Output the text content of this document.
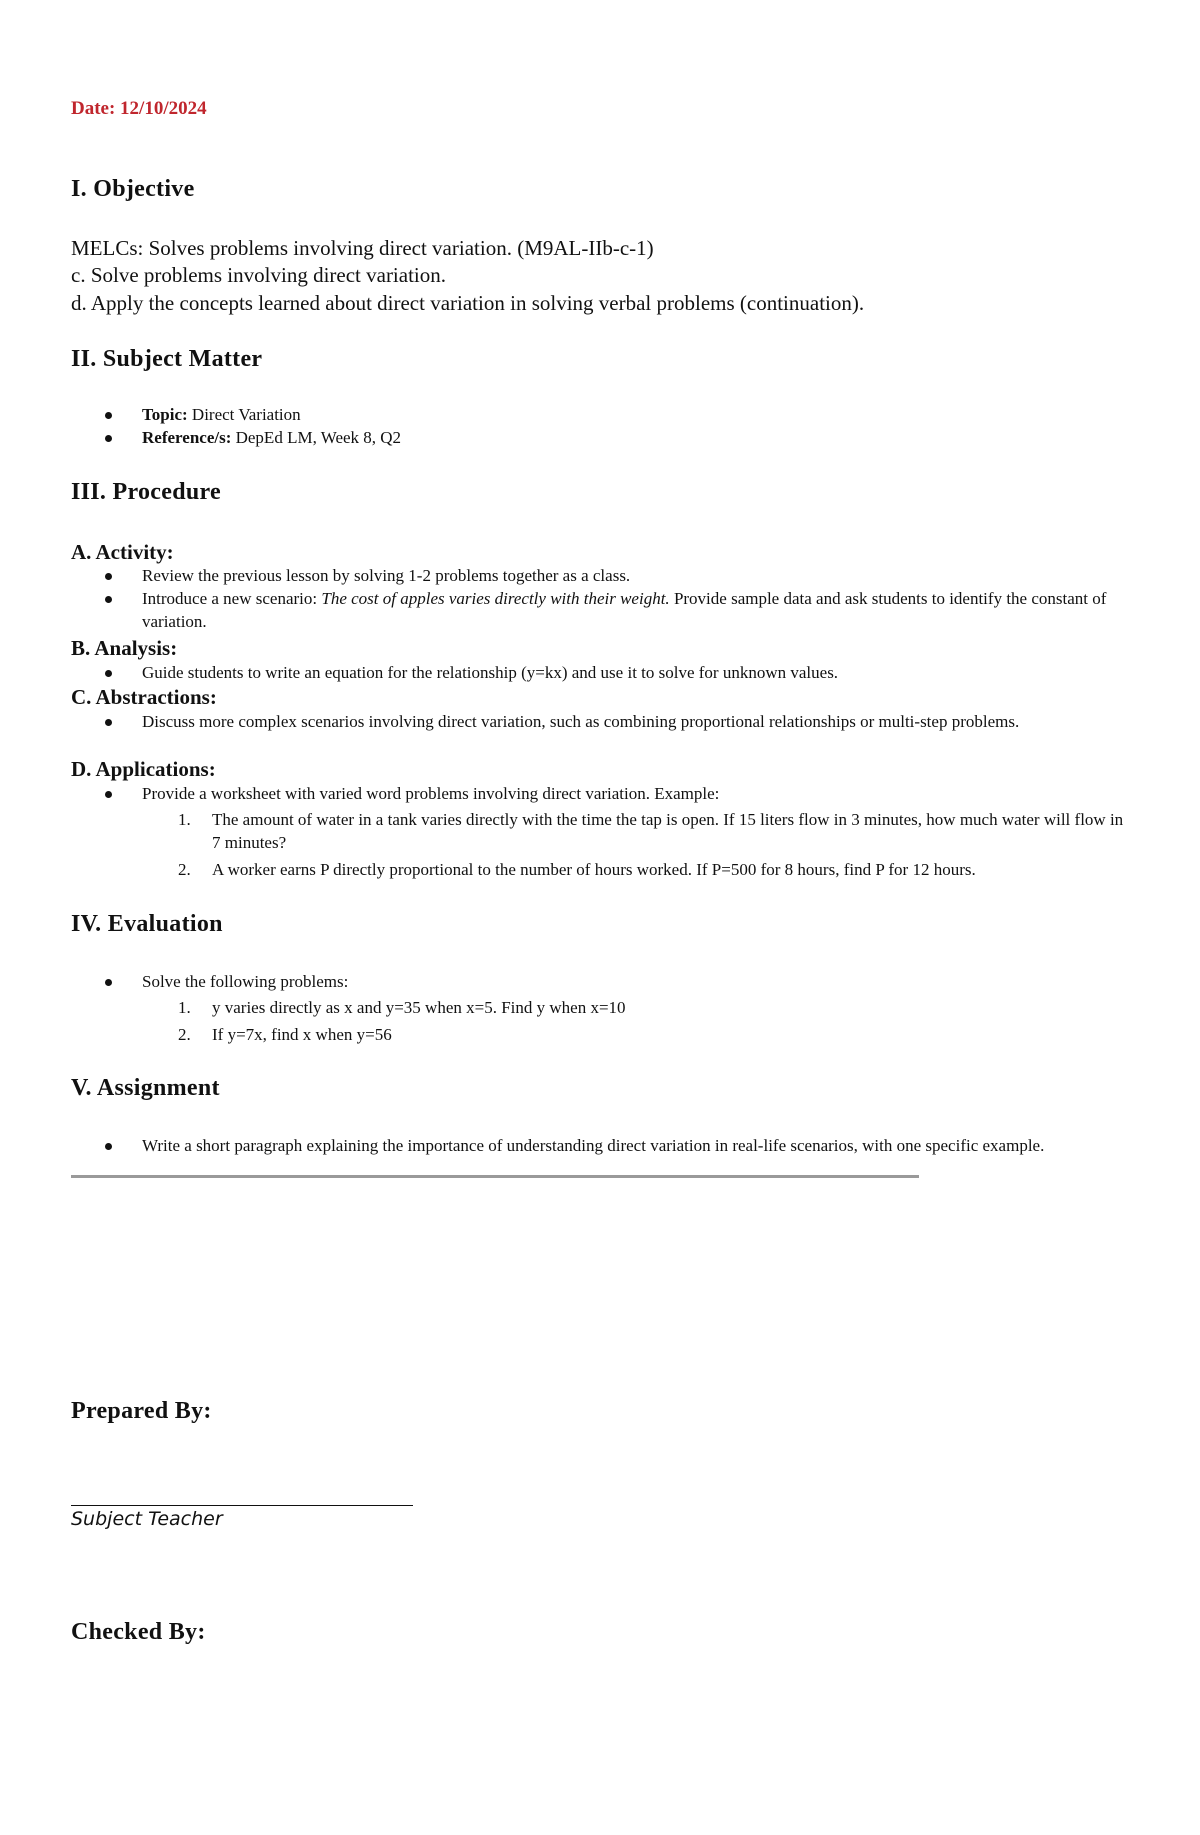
Date: 12/10/2024
I. Objective
MELCs: Solves problems involving direct variation. (M9AL-IIb-c-1)
c. Solve problems involving direct variation.
d. Apply the concepts learned about direct variation in solving verbal problems (continuation).
II. Subject Matter
Topic: Direct Variation
Reference/s: DepEd LM, Week 8, Q2
III. Procedure
A. Activity:
Review the previous lesson by solving 1-2 problems together as a class.
Introduce a new scenario: The cost of apples varies directly with their weight. Provide sample data and ask students to identify the constant of variation.
B. Analysis:
Guide students to write an equation for the relationship (y=kx) and use it to solve for unknown values.
C. Abstractions:
Discuss more complex scenarios involving direct variation, such as combining proportional relationships or multi-step problems.
D. Applications:
Provide a worksheet with varied word problems involving direct variation. Example:
1. The amount of water in a tank varies directly with the time the tap is open. If 15 liters flow in 3 minutes, how much water will flow in 7 minutes?
2. A worker earns P directly proportional to the number of hours worked. If P=500 for 8 hours, find P for 12 hours.
IV. Evaluation
Solve the following problems:
1. y varies directly as x and y=35 when x=5. Find y when x=10
2. If y=7x, find x when y=56
V. Assignment
Write a short paragraph explaining the importance of understanding direct variation in real-life scenarios, with one specific example.
Prepared By:
Subject Teacher
Checked By:
